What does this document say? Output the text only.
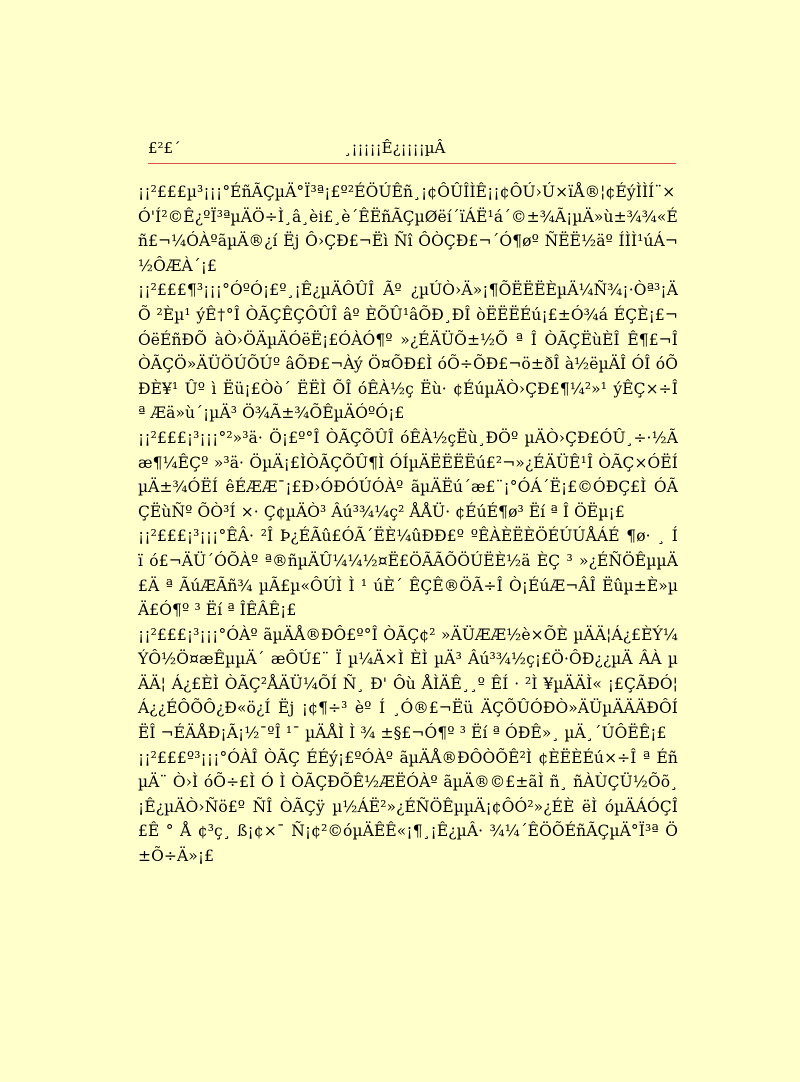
£²£´	¸¡¡¡¡¡Ê¿¡¡¡¡µÂ

¡¡²£££µ³¡¡¡°ÉñÃÇµÄ°Ï³ª¡£º²ÉÖÚÊñ¸¡¢ÔÛÎÌÊ¡¡¢ÔÚ›Ú×ïÅ®¦¢ÉýÌÌÍ¨×Ó'Í²©Ê¿ºÏ³ªµÄÖ÷Ì¸â¸èi£¸è´ÊËñÃÇµØëí´ïÁË¹á´©±¾Ã¡µÄ»ù±¾¾«Éñ£¬¼ÓÀºãµÄ®¿í Ëj Ô›ÇÐ£¬Ëì Ñî ÔÒÇÐ£¬´Ó¶øº ÑËË½äº ÍÌÌ¹úÁ¬½ÔÆÀ´¡£

¡¡²£££¶³¡¡¡°ÓºÓ¡£º¸¡Ê¿µÄÔÛÎ Ãº ¿µÚÒ›Ä»¡¶ÕËËËÈµÄ¼Ñ¾¡·Òª³¡ÄÕ ²Èµ¹ ýÊ†°Î ÒÃÇÊÇÔÛÎ âº ÈÕÛ¹âÕÐ¸ÐÎ òËËËÉú¡£±Ó¾á ÉÇÈ¡£¬ÓëÉñÐÕ àÒ›ÖÄµÄÓëË¡£ÓÀÓ¶º »¿ÉÄÜÕ±½Õ ª Î ÒÃÇËùÈÎ Ê¶£¬Î ÒÃÇÖ»ÄÜÖÚÕÚº âÕÐ£¬Àý Ö¤ÕÐ£Ì óÕ÷ÕÐ£¬ö±ðÎ à½ëµÄÎ ÓÎ óÕÐÈ¥¹ Ûº ì Ëü¡£Òò´ ËËÌ ÕÎ óÊÀ½ç Ëù· ¢ÉúµÄÒ›ÇÐ£¶¼²»¹ ýÊÇ×÷Î ª Æä»ù´¡µÄ³ Ö¾Ã±¾ÕÊµÄÓºÓ¡£

¡¡²£££¡³¡¡¡°²»³ä· Ö¡£º°Î ÒÃÇÕÛÎ óÊÀ½çËù¸ÐÖº µÄÒ›ÇÐ£ÓÛ¸÷·½Ãæ¶¼ÊÇº »³ä· ÖµÄ¡£ÌÒÃÇÕÛ¶Ì ÓÍµÄËËËËú£²¬»¿ÉÄÜÊ¹Î ÒÃÇ×ÓËÍ µÄ±¾ÓËÍ êÉÆÆ¯¡£Ð›ÓÐÓÚÓÀº ãµÄËú´æ£¨¡°ÓÁ´Ë¡£©ÓÐÇ£Ì ÓÃÇËùÑº ÕÒ³Í ×· Ç¢µÄÒ³ Âú³¾¼ç² ÅÅÜ· ¢ÉúÉ¶ø³ Ëí ª Î ÖËµ¡£

¡¡²£££¡³¡¡¡°ÊÂ· ²Î Þ¿ÉÃû£ÓÃ´ËÈ¼ûÐÐ£º ºÊÀÈËÈÖÉÚÚÅÁÉ ¶ø· ¸ Í ï ó£¬ÄÜ´ÓÕÀº ª®ñµÄÛ¼¼½¤Ë£ÖÃÃÕÖÚËÈ½ä ÈÇ ³ »¿ÉÑÖÊµµÄ£Ä ª ÃúÆÃñ¾ µÃ£µ«ÔÚÌ Ì ¹ úÈ´ ÊÇÊ®ÖÃ÷Î Ò¡ÉúÆ¬ÂÎ Ëûµ±È»µÄ£Ó¶º ³ Ëí ª ÎÊÂÊ¡£

¡¡²£££¡³¡¡¡°ÓÀº ãµÄÅ®ÐÔ£º°Î ÒÃÇ¢² »ÄÜÆÆ½è×ÕÈ µÄÄ¦Á¿£ÈÝ¼ÝÔ½Ö¤æÊµµÄ´ æÔÚ£¨ Ï µ¼Ä×Ì ÈÌ µÄ³ Âú³¾½ç¡£Ö·ÔÐ¿¿µÄ ÂÀ µÄÄ¦ Á¿£ÈÌ ÒÃÇ²ÅÄÜ¼ÕÍ Ñ¸ Ð' Ôù ÅÌÄÊ¸¸º ÊÍ · ²Ì ¥µÄÄÌ« ¡£ÇÃÐÓ¦Á¿¿ÉÔÕÔ¿Ð«ö¿Í Ëj ¡¢¶÷³ èº Í ¸Ó®£¬Ëü ÄÇÕÛÓÐÒ»ÄÜµÄÄÄÐÔÍ ËÎ ¬ÉÄÅÐ¡Ã¡½¯ºÎ ¹¯ µÄÅÌ Ì ¾ ±§£¬Ó¶º ³ Ëí ª ÓÐÊ»¸ µÄ¸´ÚÔËÊ¡£

¡¡²£££º³¡¡¡°ÓÀÎ ÒÃÇ ÉÉý¡£ºÓÀº ãµÄÅ®ÐÔÒÕÊ²Ì ¢ÈËÈÉú×÷Î ª ÉñµÄ¨ Ò›Ì óÕ÷£Ì Ó Ì ÒÃÇÐÕÊ½ÆËÓÀº ãµÄ®©£±ãÌ ñ¸ ñÀÙÇÜ½Õõ¸¡Ê¿µÄÒ›Ñö£º ÑÎ ÒÃÇÿ µ½ÁË²»¿ÉÑÖÊµµÄ¡¢ÔÓ²»¿ÉÈ ëÌ óµÄÁÓÇÎ£Ê ° Å ¢³ç¸ ß¡¢×¯ Ñ¡¢²©óµÄÊÊ«¡¶¸¡Ê¿µÂ· ¾¼´ÊÖÕÉñÃÇµÄ°Ï³ª Ö±Õ÷Ä»¡£
